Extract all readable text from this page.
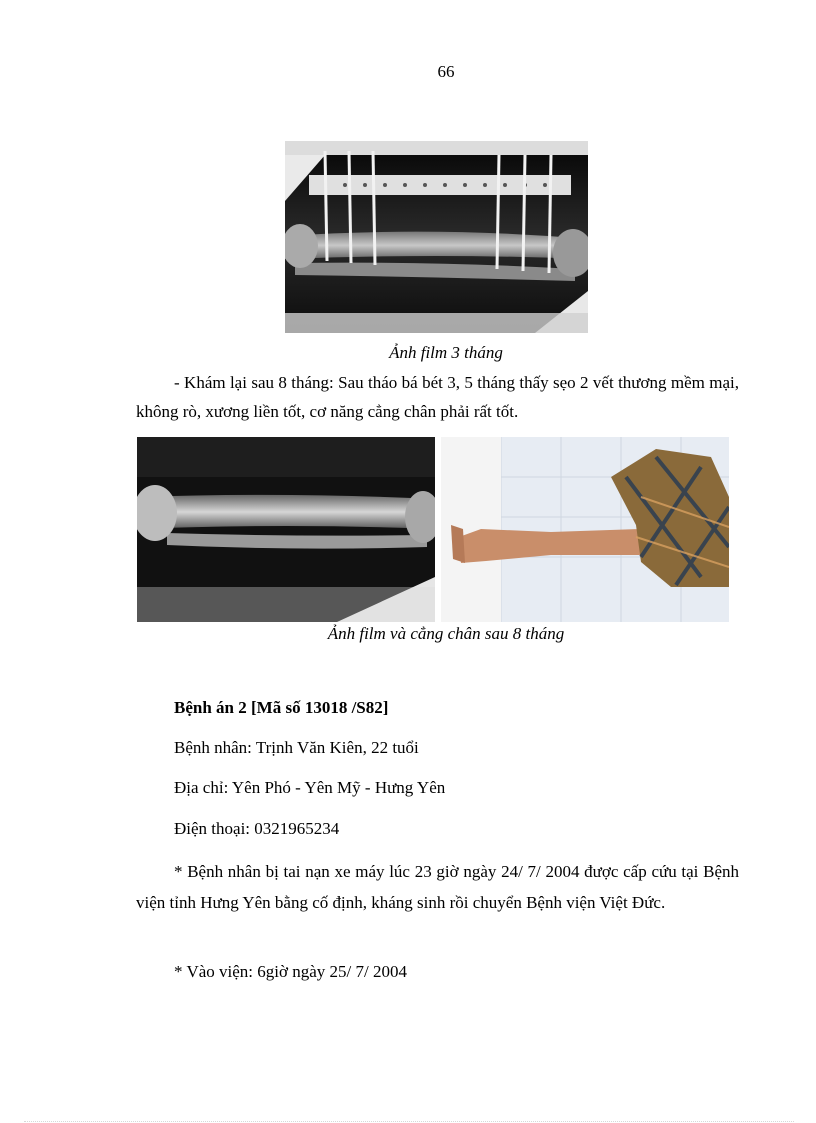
66
Ảnh film 3 tháng
- Khám lại sau 8 tháng: Sau tháo bá bét 3, 5 tháng thấy sẹo 2 vết thương mềm mại, không rò, xương liền tốt, cơ năng cẳng chân phải rất tốt.
Ảnh film và cẳng chân sau 8 tháng
Bệnh án 2 [Mã số 13018 /S82]
Bệnh nhân: Trịnh Văn Kiên, 22 tuổi
Địa chỉ: Yên Phó - Yên Mỹ - Hưng Yên
Điện thoại: 0321965234
* Bệnh nhân bị tai nạn xe máy lúc 23 giờ ngày 24/ 7/ 2004 được cấp cứu tại Bệnh viện tỉnh Hưng Yên bằng cố định, kháng sinh rồi chuyển Bệnh viện Việt Đức.
* Vào viện: 6giờ ngày 25/ 7/ 2004
